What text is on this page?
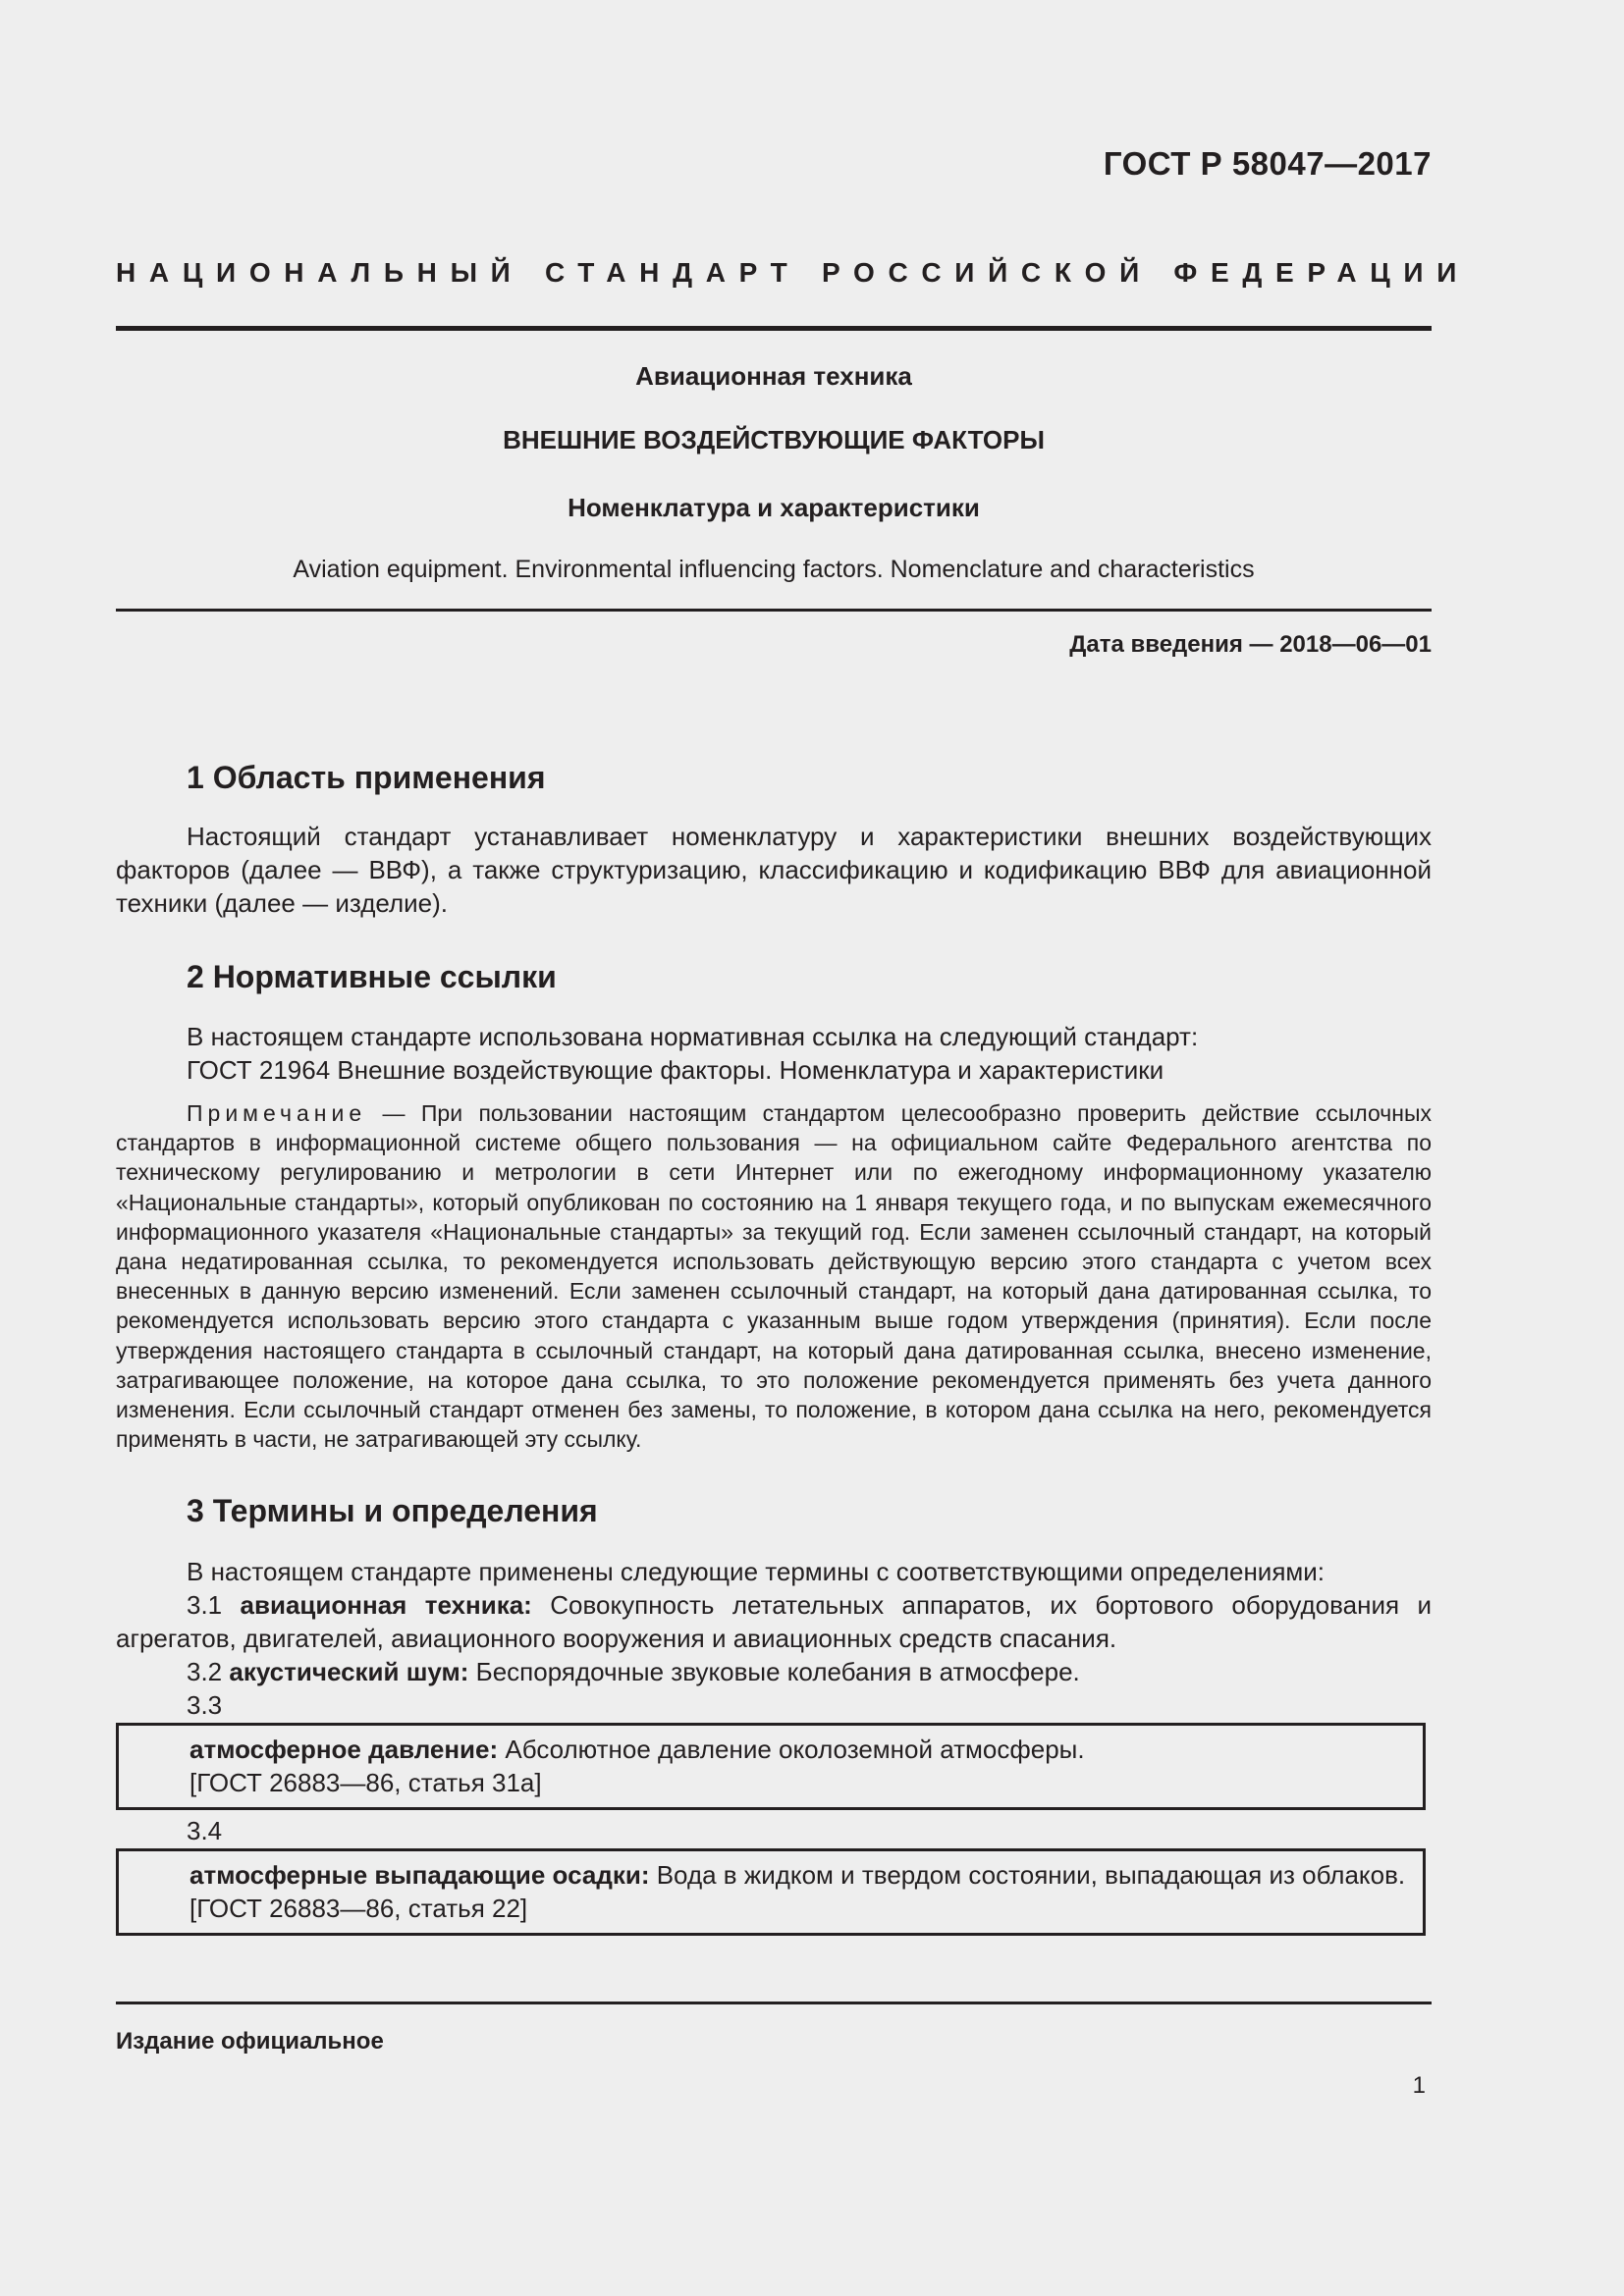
ГОСТ Р 58047—2017
НАЦИОНАЛЬНЫЙ СТАНДАРТ РОССИЙСКОЙ ФЕДЕРАЦИИ
Авиационная техника
ВНЕШНИЕ ВОЗДЕЙСТВУЮЩИЕ ФАКТОРЫ
Номенклатура и характеристики
Aviation equipment. Environmental influencing factors. Nomenclature and characteristics
Дата введения — 2018—06—01
1 Область применения

Настоящий стандарт устанавливает номенклатуру и характеристики внешних воздействующих факторов (далее — ВВФ), а также структуризацию, классификацию и кодификацию ВВФ для авиационной техники (далее — изделие).

2 Нормативные ссылки

В настоящем стандарте использована нормативная ссылка на следующий стандарт:

ГОСТ 21964 Внешние воздействующие факторы. Номенклатура и характеристики

Примечание — При пользовании настоящим стандартом целесообразно проверить действие ссылочных стандартов в информационной системе общего пользования — на официальном сайте Федерального агентства по техническому регулированию и метрологии в сети Интернет или по ежегодному информационному указателю «Национальные стандарты», который опубликован по состоянию на 1 января текущего года, и по выпускам ежемесячного информационного указателя «Национальные стандарты» за текущий год. Если заменен ссылочный стандарт, на который дана недатированная ссылка, то рекомендуется использовать действующую версию этого стандарта с учетом всех внесенных в данную версию изменений. Если заменен ссылочный стандарт, на который дана датированная ссылка, то рекомендуется использовать версию этого стандарта с указанным выше годом утверждения (принятия). Если после утверждения настоящего стандарта в ссылочный стандарт, на который дана датированная ссылка, внесено изменение, затрагивающее положение, на которое дана ссылка, то это положение рекомендуется применять без учета данного изменения. Если ссылочный стандарт отменен без замены, то положение, в котором дана ссылка на него, рекомендуется применять в части, не затрагивающей эту ссылку.

3 Термины и определения

В настоящем стандарте применены следующие термины с соответствующими определениями:

3.1 авиационная техника: Совокупность летательных аппаратов, их бортового оборудования и агрегатов, двигателей, авиационного вооружения и авиационных средств спасания.

3.2 акустический шум: Беспорядочные звуковые колебания в атмосфере.

3.3

атмосферное давление: Абсолютное давление околоземной атмосферы.
[ГОСТ 26883—86, статья 31а]

3.4

атмосферные выпадающие осадки: Вода в жидком и твердом состоянии, выпадающая из облаков.
[ГОСТ 26883—86, статья 22]
Издание официальное
1
